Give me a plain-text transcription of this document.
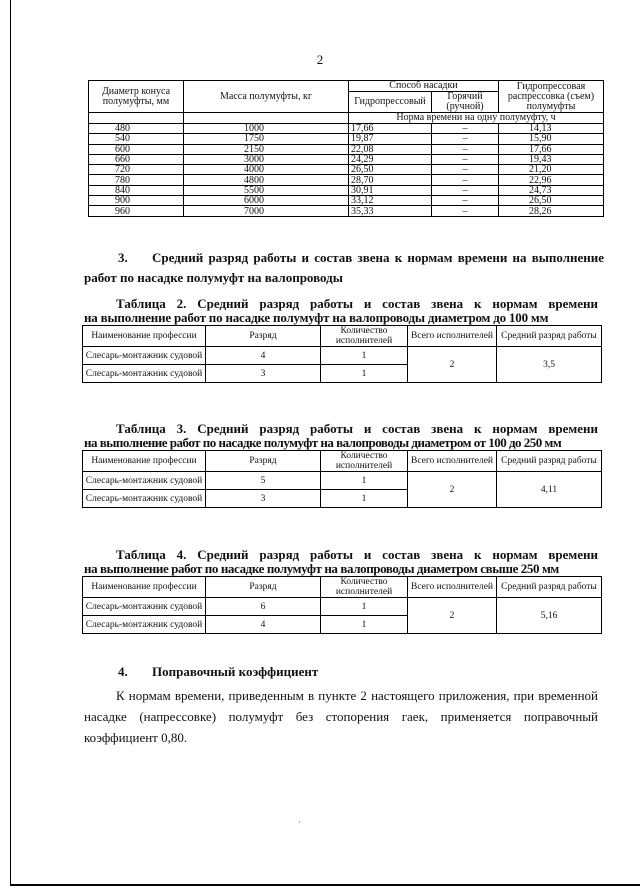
2
Диаметр конуса полумуфты, мм	Масса полумуфты, кг	Способ насадки		Гидропрессовая распрессовка (съем) полумуфты
		Гидропрессовый	Горячий (ручной)	
		Норма времени на одну полумуфту, ч		
480	1000	17,66	–	14,13
540	1750	19,87	–	15,90
600	2150	22,08	–	17,66
660	3000	24,29	–	19,43
720	4000	26,50	–	21,20
780	4800	28,70	–	22,96
840	5500	30,91	–	24,73
900	6000	33,12	–	26,50
960	7000	35,33	–	28,26
3. Средний разряд работы и состав звена к нормам времени на выполнение
работ по насадке полумуфт на валопроводы
Таблица 2. Средний разряд работы и состав звена к нормам времени
на выполнение работ по насадке полумуфт на валопроводы диаметром до 100 мм
Наименование профессии	Разряд	Количество исполнителей	Всего исполнителей	Средний разряд работы
Слесарь-монтажник судовой	4	1	2	3,5
Слесарь-монтажник судовой	3	1		
Таблица 3. Средний разряд работы и состав звена к нормам времени
на выполнение работ по насадке полумуфт на валопроводы диаметром от 100 до 250 мм
Наименование профессии	Разряд	Количество исполнителей	Всего исполнителей	Средний разряд работы
Слесарь-монтажник судовой	5	1	2	4,11
Слесарь-монтажник судовой	3	1		
Таблица 4. Средний разряд работы и состав звена к нормам времени
на выполнение работ по насадке полумуфт на валопроводы диаметром свыше 250 мм
Наименование профессии	Разряд	Количество исполнителей	Всего исполнителей	Средний разряд работы
Слесарь-монтажник судовой	6	1	2	5,16
Слесарь-монтажник судовой	4	1		
4. Поправочный коэффициент
К нормам времени, приведенным в пункте 2 настоящего приложения, при временной насадке (напрессовке) полумуфт без стопорения гаек, применяется поправочный коэффициент 0,80.
·
